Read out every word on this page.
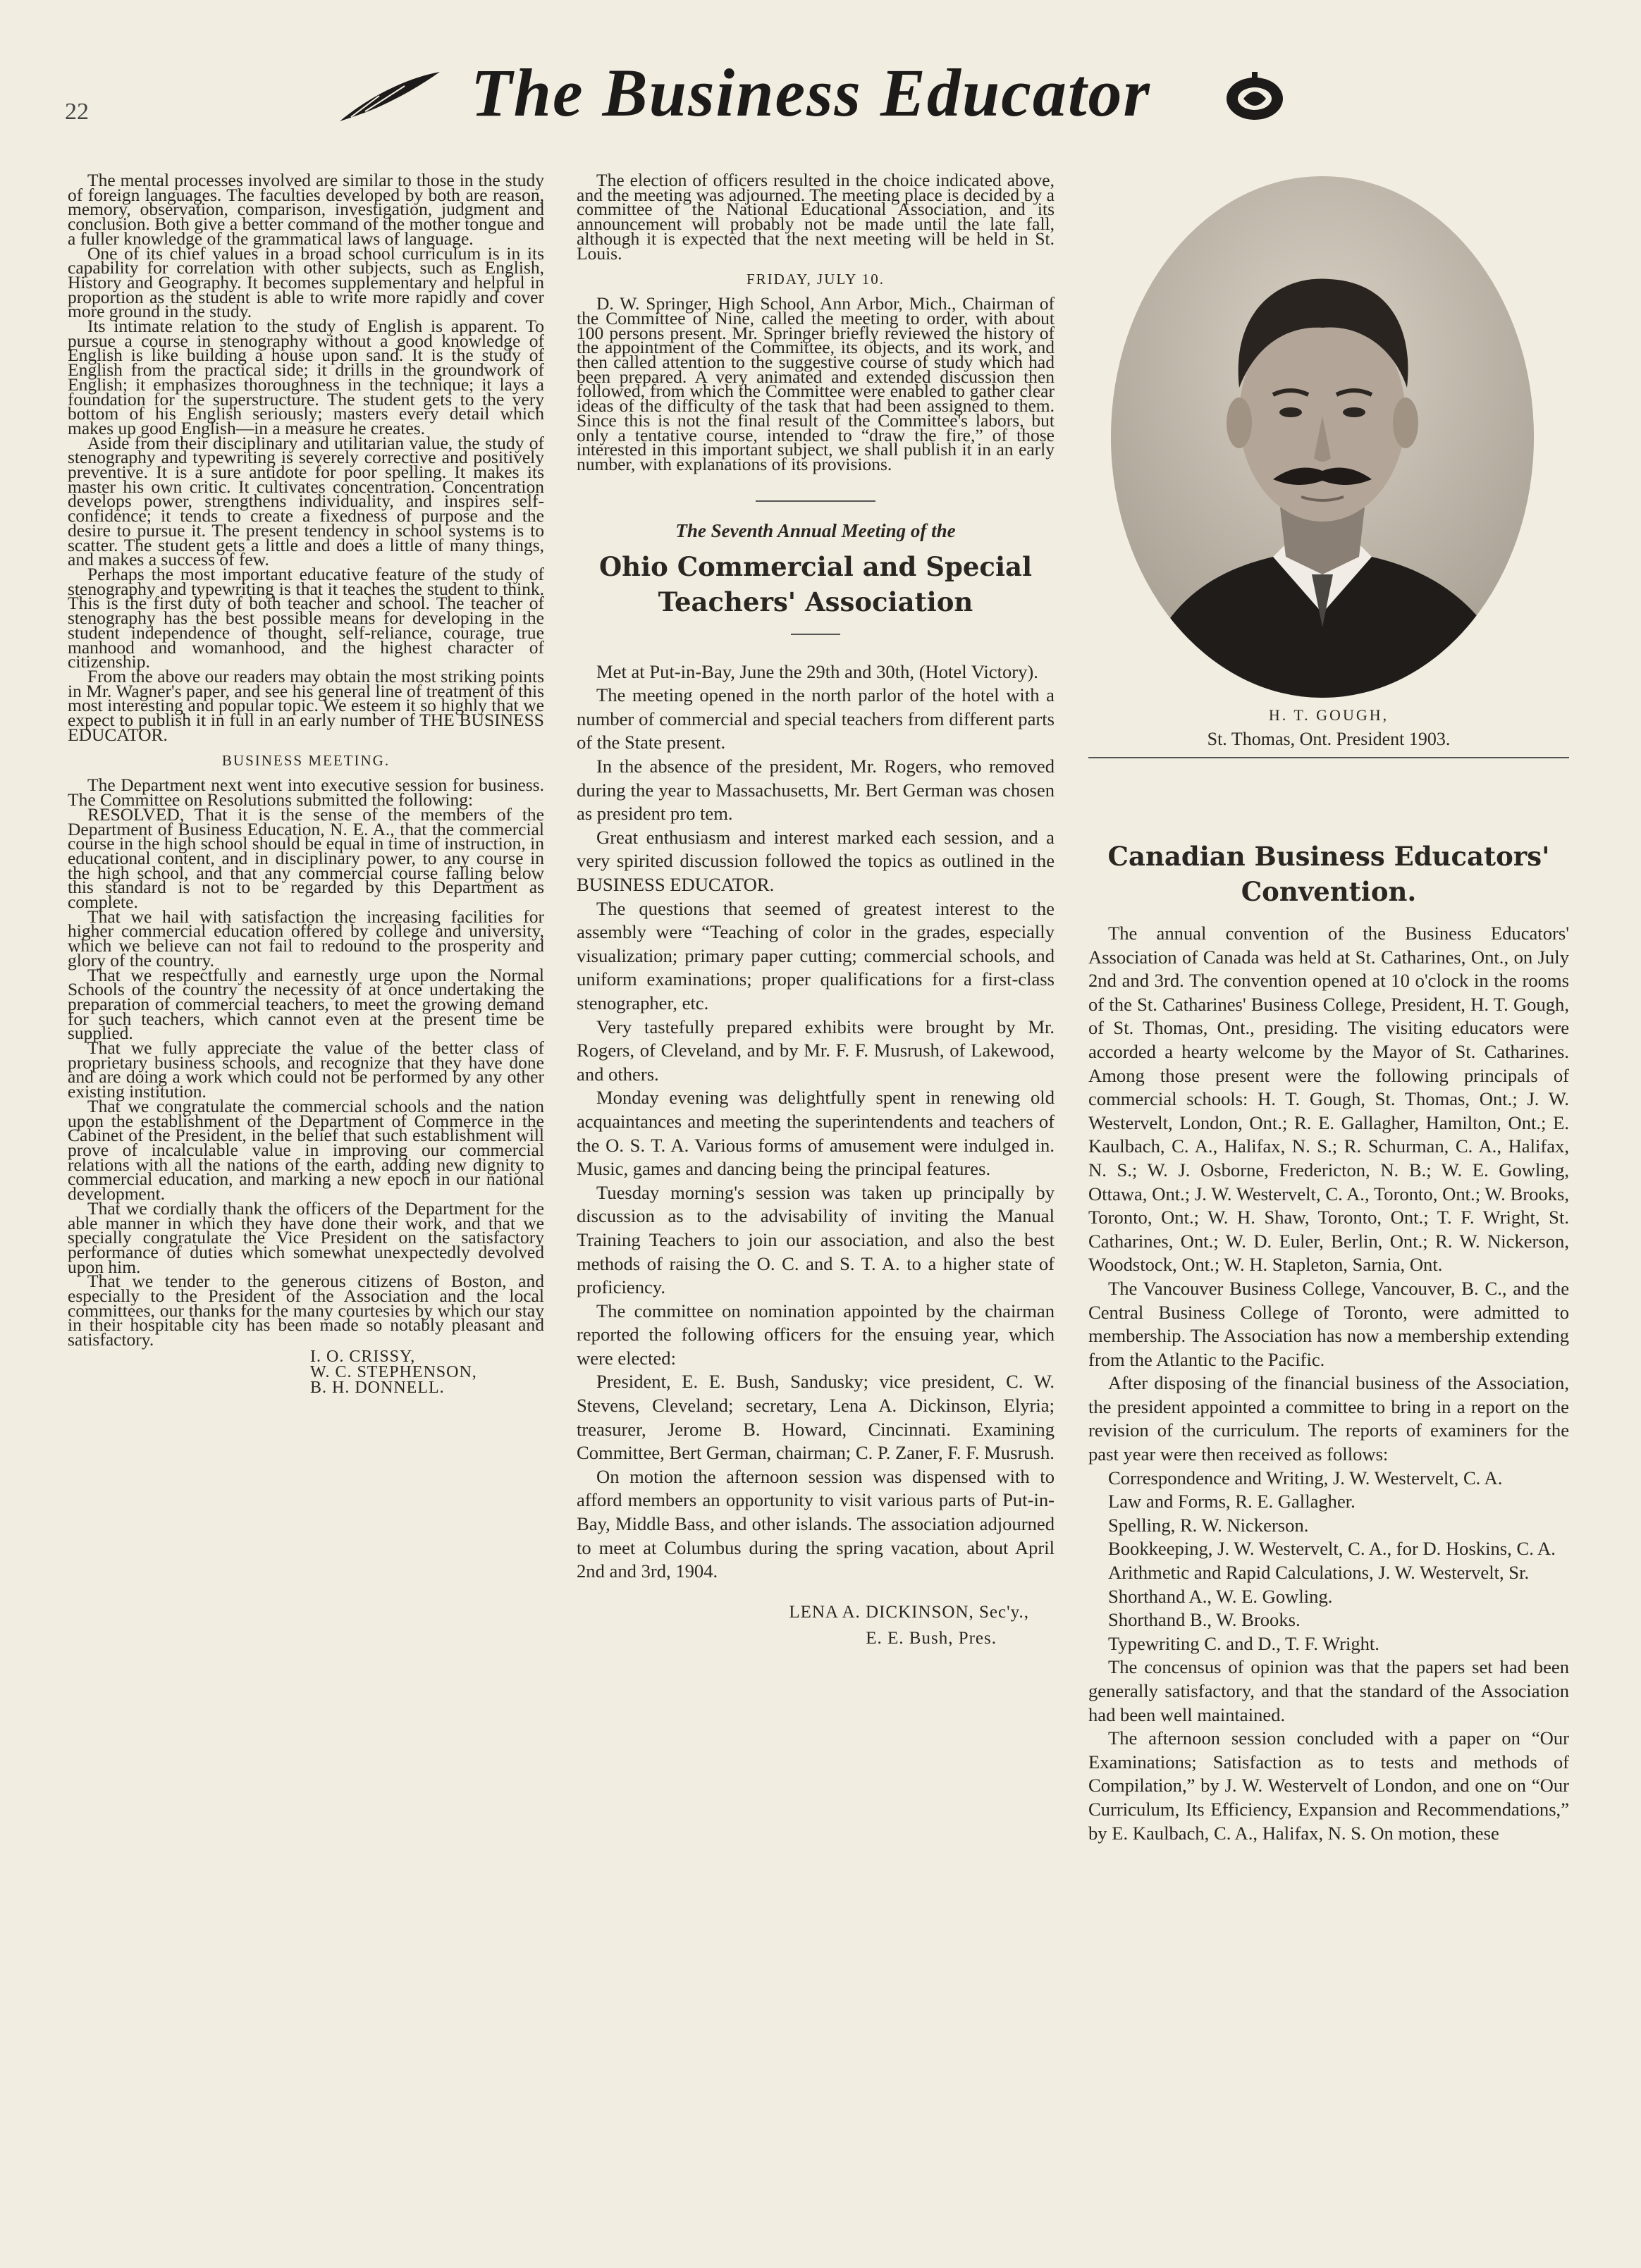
22	The Business Educator

The mental processes involved are similar to those in the study of foreign languages. The faculties developed by both are reason, memory, observation, comparison, investigation, judgment and conclusion. Both give a better command of the mother tongue and a fuller knowledge of the grammatical laws of language.

One of its chief values in a broad school curriculum is in its capability for correlation with other subjects, such as English, History and Geography. It becomes supplementary and helpful in proportion as the student is able to write more rapidly and cover more ground in the study.

Its intimate relation to the study of English is apparent. To pursue a course in stenography without a good knowledge of English is like building a house upon sand. It is the study of English from the practical side; it drills in the groundwork of English; it emphasizes thoroughness in the technique; it lays a foundation for the superstructure. The student gets to the very bottom of his English seriously; masters every detail which makes up good English—in a measure he creates.

Aside from their disciplinary and utilitarian value, the study of stenography and typewriting is severely corrective and positively preventive. It is a sure antidote for poor spelling. It makes its master his own critic. It cultivates concentration. Concentration develops power, strengthens individuality, and inspires self-confidence; it tends to create a fixedness of purpose and the desire to pursue it. The present tendency in school systems is to scatter. The student gets a little and does a little of many things, and makes a success of few.

Perhaps the most important educative feature of the study of stenography and typewriting is that it teaches the student to think. This is the first duty of both teacher and school. The teacher of stenography has the best possible means for developing in the student independence of thought, self-reliance, courage, true manhood and womanhood, and the highest character of citizenship.

From the above our readers may obtain the most striking points in Mr. Wagner's paper, and see his general line of treatment of this most interesting and popular topic. We esteem it so highly that we expect to publish it in full in an early number of THE BUSINESS EDUCATOR.

BUSINESS MEETING.

The Department next went into executive session for business. The Committee on Resolutions submitted the following:

RESOLVED, That it is the sense of the members of the Department of Business Education, N. E. A., that the commercial course in the high school should be equal in time of instruction, in educational content, and in disciplinary power, to any course in the high school, and that any commercial course falling below this standard is not to be regarded by this Department as complete.

That we hail with satisfaction the increasing facilities for higher commercial education offered by college and university, which we believe can not fail to redound to the prosperity and glory of the country.

That we respectfully and earnestly urge upon the Normal Schools of the country the necessity of at once undertaking the preparation of commercial teachers, to meet the growing demand for such teachers, which cannot even at the present time be supplied.

That we fully appreciate the value of the better class of proprietary business schools, and recognize that they have done and are doing a work which could not be performed by any other existing institution.

That we congratulate the commercial schools and the nation upon the establishment of the Department of Commerce in the Cabinet of the President, in the belief that such establishment will prove of incalculable value in improving our commercial relations with all the nations of the earth, adding new dignity to commercial education, and marking a new epoch in our national development.

That we cordially thank the officers of the Department for the able manner in which they have done their work, and that we specially congratulate the Vice President on the satisfactory performance of duties which somewhat unexpectedly devolved upon him.

That we tender to the generous citizens of Boston, and especially to the President of the Association and the local committees, our thanks for the many courtesies by which our stay in their hospitable city has been made so notably pleasant and satisfactory.

I. O. CRISSY,
W. C. STEPHENSON,
B. H. DONNELL.

The election of officers resulted in the choice indicated above, and the meeting was adjourned. The meeting place is decided by a committee of the National Educational Association, and its announcement will probably not be made until the late fall, although it is expected that the next meeting will be held in St. Louis.

FRIDAY, JULY 10.

D. W. Springer, High School, Ann Arbor, Mich., Chairman of the Committee of Nine, called the meeting to order, with about 100 persons present. Mr. Springer briefly reviewed the history of the appointment of the Committee, its objects, and its work, and then called attention to the suggestive course of study which had been prepared. A very animated and extended discussion then followed, from which the Committee were enabled to gather clear ideas of the difficulty of the task that had been assigned to them. Since this is not the final result of the Committee's labors, but only a tentative course, intended to “draw the fire,” of those interested in this important subject, we shall publish it in an early number, with explanations of its provisions.

The Seventh Annual Meeting of the
Ohio Commercial and Special Teachers' Association

Met at Put-in-Bay, June the 29th and 30th, (Hotel Victory).

The meeting opened in the north parlor of the hotel with a number of commercial and special teachers from different parts of the State present.

In the absence of the president, Mr. Rogers, who removed during the year to Massachusetts, Mr. Bert German was chosen as president pro tem.

Great enthusiasm and interest marked each session, and a very spirited discussion followed the topics as outlined in the BUSINESS EDUCATOR.

The questions that seemed of greatest interest to the assembly were “Teaching of color in the grades, especially visualization; primary paper cutting; commercial schools, and uniform examinations; proper qualifications for a first-class stenographer, etc.

Very tastefully prepared exhibits were brought by Mr. Rogers, of Cleveland, and by Mr. F. F. Musrush, of Lakewood, and others.

Monday evening was delightfully spent in renewing old acquaintances and meeting the superintendents and teachers of the O. S. T. A. Various forms of amusement were indulged in. Music, games and dancing being the principal features.

Tuesday morning's session was taken up principally by discussion as to the advisability of inviting the Manual Training Teachers to join our association, and also the best methods of raising the O. C. and S. T. A. to a higher state of proficiency.

The committee on nomination appointed by the chairman reported the following officers for the ensuing year, which were elected:

President, E. E. Bush, Sandusky; vice president, C. W. Stevens, Cleveland; secretary, Lena A. Dickinson, Elyria; treasurer, Jerome B. Howard, Cincinnati. Examining Committee, Bert German, chairman; C. P. Zaner, F. F. Musrush.

On motion the afternoon session was dispensed with to afford members an opportunity to visit various parts of Put-in-Bay, Middle Bass, and other islands. The association adjourned to meet at Columbus during the spring vacation, about April 2nd and 3rd, 1904.

LENA A. DICKINSON, Sec'y.,
E. E. Bush, Pres.
H. T. GOUGH,
St. Thomas, Ont. President 1903.
Canadian Business Educators' Convention.

The annual convention of the Business Educators' Association of Canada was held at St. Catharines, Ont., on July 2nd and 3rd. The convention opened at 10 o'clock in the rooms of the St. Catharines' Business College, President, H. T. Gough, of St. Thomas, Ont., presiding. The visiting educators were accorded a hearty welcome by the Mayor of St. Catharines. Among those present were the following principals of commercial schools: H. T. Gough, St. Thomas, Ont.; J. W. Westervelt, London, Ont.; R. E. Gallagher, Hamilton, Ont.; E. Kaulbach, C. A., Halifax, N. S.; R. Schurman, C. A., Halifax, N. S.; W. J. Osborne, Fredericton, N. B.; W. E. Gowling, Ottawa, Ont.; J. W. Westervelt, C. A., Toronto, Ont.; W. Brooks, Toronto, Ont.; W. H. Shaw, Toronto, Ont.; T. F. Wright, St. Catharines, Ont.; W. D. Euler, Berlin, Ont.; R. W. Nickerson, Woodstock, Ont.; W. H. Stapleton, Sarnia, Ont.

The Vancouver Business College, Vancouver, B. C., and the Central Business College of Toronto, were admitted to membership. The Association has now a membership extending from the Atlantic to the Pacific.

After disposing of the financial business of the Association, the president appointed a committee to bring in a report on the revision of the curriculum. The reports of examiners for the past year were then received as follows:

Correspondence and Writing, J. W. Westervelt, C. A.

Law and Forms, R. E. Gallagher.

Spelling, R. W. Nickerson.

Bookkeeping, J. W. Westervelt, C. A., for D. Hoskins, C. A.

Arithmetic and Rapid Calculations, J. W. Westervelt, Sr.

Shorthand A., W. E. Gowling.

Shorthand B., W. Brooks.

Typewriting C. and D., T. F. Wright.

The concensus of opinion was that the papers set had been generally satisfactory, and that the standard of the Association had been well maintained.

The afternoon session concluded with a paper on “Our Examinations; Satisfaction as to tests and methods of Compilation,” by J. W. Westervelt of London, and one on “Our Curriculum, Its Efficiency, Expansion and Recommendations,” by E. Kaulbach, C. A., Halifax, N. S. On motion, these
